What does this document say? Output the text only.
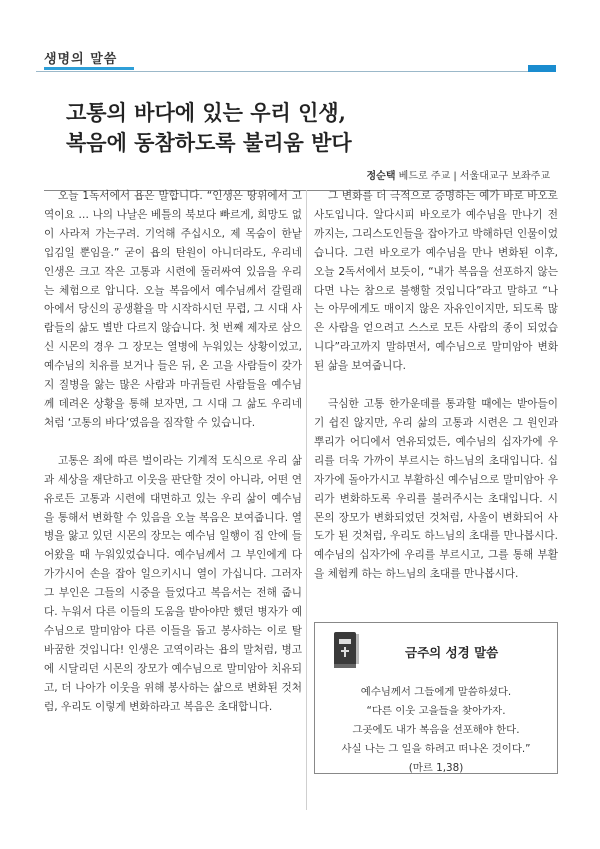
생명의 말씀
고통의 바다에 있는 우리 인생,
복음에 동참하도록 불리움 받다
정순택 베드로 주교 | 서울대교구 보좌주교

오늘 1독서에서 욥은 말합니다. “인생은 땅위에서 고역이요 … 나의 나날은 베틀의 북보다 빠르게, 희망도 없이 사라져 가는구려. 기억해 주십시오, 제 목숨이 한낱 입김일 뿐임을.” 굳이 욥의 탄원이 아니더라도, 우리네 인생은 크고 작은 고통과 시련에 둘러싸여 있음을 우리는 체험으로 압니다. 오늘 복음에서 예수님께서 갈릴래아에서 당신의 공생활을 막 시작하시던 무렵, 그 시대 사람들의 삶도 별반 다르지 않습니다. 첫 번째 제자로 삼으신 시몬의 경우 그 장모는 열병에 누워있는 상황이었고, 예수님의 치유를 보거나 들은 뒤, 온 고을 사람들이 갖가지 질병을 앓는 많은 사람과 마귀들린 사람들을 예수님께 데려온 상황을 통해 보자면, 그 시대 그 삶도 우리네처럼 ‘고통의 바다’였음을 짐작할 수 있습니다.

고통은 죄에 따른 벌이라는 기계적 도식으로 우리 삶과 세상을 재단하고 이웃을 판단할 것이 아니라, 어떤 연유로든 고통과 시련에 대면하고 있는 우리 삶이 예수님을 통해서 변화할 수 있음을 오늘 복음은 보여줍니다. 열병을 앓고 있던 시몬의 장모는 예수님 일행이 집 안에 들어왔을 때 누워있었습니다. 예수님께서 그 부인에게 다가가시어 손을 잡아 일으키시니 열이 가십니다. 그러자 그 부인은 그들의 시중을 들었다고 복음서는 전해 줍니다. 누워서 다른 이들의 도움을 받아야만 했던 병자가 예수님으로 말미암아 다른 이들을 돕고 봉사하는 이로 탈바꿈한 것입니다! 인생은 고역이라는 욥의 말처럼, 병고에 시달리던 시몬의 장모가 예수님으로 말미암아 치유되고, 더 나아가 이웃을 위해 봉사하는 삶으로 변화된 것처럼, 우리도 이렇게 변화하라고 복음은 초대합니다.

그 변화를 더 극적으로 증명하는 예가 바로 바오로 사도입니다. 알다시피 바오로가 예수님을 만나기 전까지는, 그리스도인들을 잡아가고 박해하던 인물이었습니다. 그런 바오로가 예수님을 만나 변화된 이후, 오늘 2독서에서 보듯이, “내가 복음을 선포하지 않는다면 나는 참으로 불행할 것입니다”라고 말하고 “나는 아무에게도 매이지 않은 자유인이지만, 되도록 많은 사람을 얻으려고 스스로 모든 사람의 종이 되었습니다”라고까지 말하면서, 예수님으로 말미암아 변화된 삶을 보여줍니다.

극심한 고통 한가운데를 통과할 때에는 받아들이기 쉽진 않지만, 우리 삶의 고통과 시련은 그 원인과 뿌리가 어디에서 연유되었든, 예수님의 십자가에 우리를 더욱 가까이 부르시는 하느님의 초대입니다. 십자가에 돌아가시고 부활하신 예수님으로 말미암아 우리가 변화하도록 우리를 불러주시는 초대입니다. 시몬의 장모가 변화되었던 것처럼, 사울이 변화되어 사도가 된 것처럼, 우리도 하느님의 초대를 만나봅시다. 예수님의 십자가에 우리를 부르시고, 그를 통해 부활을 체험케 하는 하느님의 초대를 만나봅시다.

금주의 성경 말씀
예수님께서 그들에게 말씀하셨다.
“다른 이웃 고을들을 찾아가자.
그곳에도 내가 복음을 선포해야 한다.
사실 나는 그 일을 하려고 떠나온 것이다.”
(마르 1,38)
